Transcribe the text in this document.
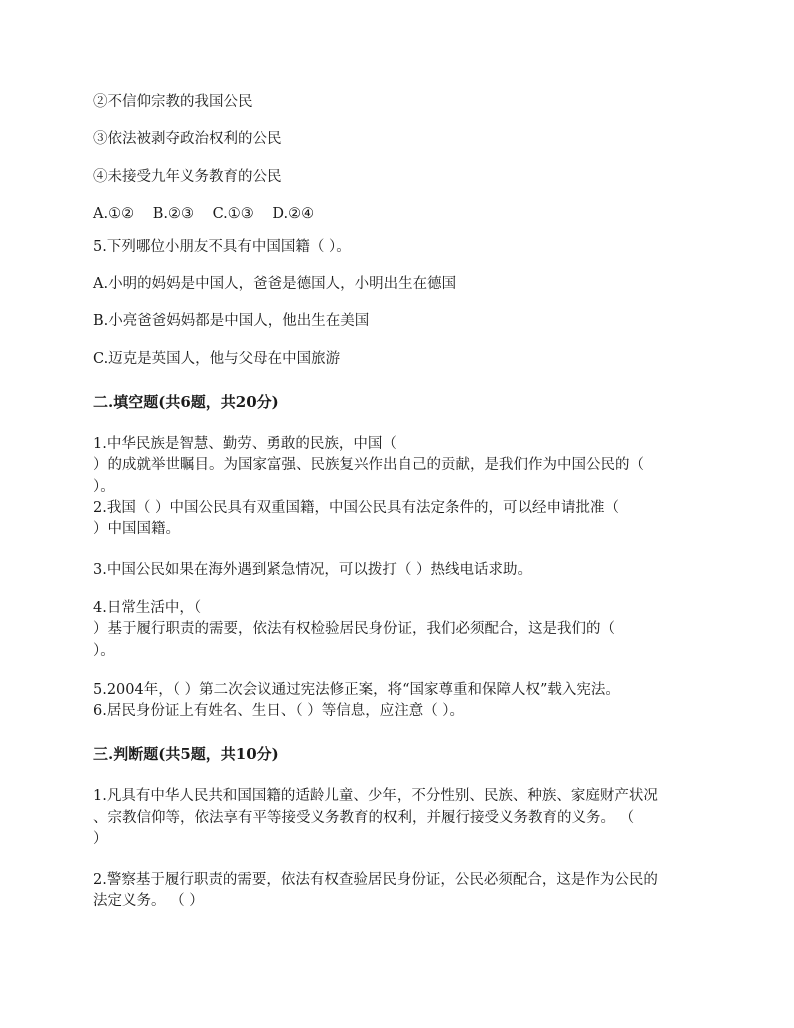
②不信仰宗教的我国公民
③依法被剥夺政治权利的公民
④未接受九年义务教育的公民
A.①② B.②③ C.①③ D.②④
5.下列哪位小朋友不具有中国国籍（ ）。
A.小明的妈妈是中国人，爸爸是德国人，小明出生在德国
B.小亮爸爸妈妈都是中国人，他出生在美国
C.迈克是英国人，他与父母在中国旅游
二.填空题(共6题，共20分)
1.中华民族是智慧、勤劳、勇敢的民族，中国（
）的成就举世瞩目。为国家富强、民族复兴作出自己的贡献，是我们作为中国公民的（
）。
2.我国（ ）中国公民具有双重国籍，中国公民具有法定条件的，可以经申请批准（
）中国国籍。
3.中国公民如果在海外遇到紧急情况，可以拨打（ ）热线电话求助。
4.日常生活中，（
）基于履行职责的需要，依法有权检验居民身份证，我们必须配合，这是我们的（
）。
5.2004年，（ ）第二次会议通过宪法修正案，将“国家尊重和保障人权”载入宪法。
6.居民身份证上有姓名、生日、（ ）等信息，应注意（ ）。
三.判断题(共5题，共10分)
1.凡具有中华人民共和国国籍的适龄儿童、少年，不分性别、民族、种族、家庭财产状况
、宗教信仰等，依法享有平等接受义务教育的权利，并履行接受义务教育的义务。 （
）
2.警察基于履行职责的需要，依法有权查验居民身份证，公民必须配合，这是作为公民的
法定义务。 （ ）
